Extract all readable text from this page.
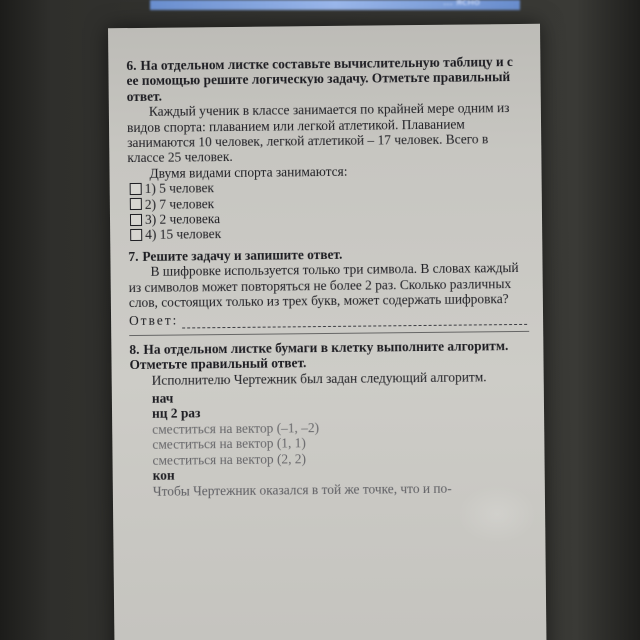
... ясно
6. На отдельном листке составьте вычислительную таблицу и с ее помощью решите логическую задачу. Отметьте правильный ответ.
Каждый ученик в классе занимается по крайней мере одним из видов спорта: плаванием или легкой атлетикой. Плаванием занимаются 10 человек, легкой атлетикой – 17 человек. Всего в классе 25 человек.
Двумя видами спорта занимаются:
1) 5 человек
2) 7 человек
3) 2 человека
4) 15 человек
7. Решите задачу и запишите ответ.
В шифровке используется только три символа. В словах каждый из символов может повторяться не более 2 раз. Сколько различных слов, состоящих только из трех букв, может содержать шифровка?
Ответ:
8. На отдельном листке бумаги в клетку выполните алгоритм. Отметьте правильный ответ.
Исполнителю Чертежник был задан следующий алгоритм.
нач
нц 2 раз
сместиться на вектор (–1, –2)
сместиться на вектор (1, 1)
сместиться на вектор (2, 2)
кон
Чтобы Чертежник оказался в той же точке, что и по-
